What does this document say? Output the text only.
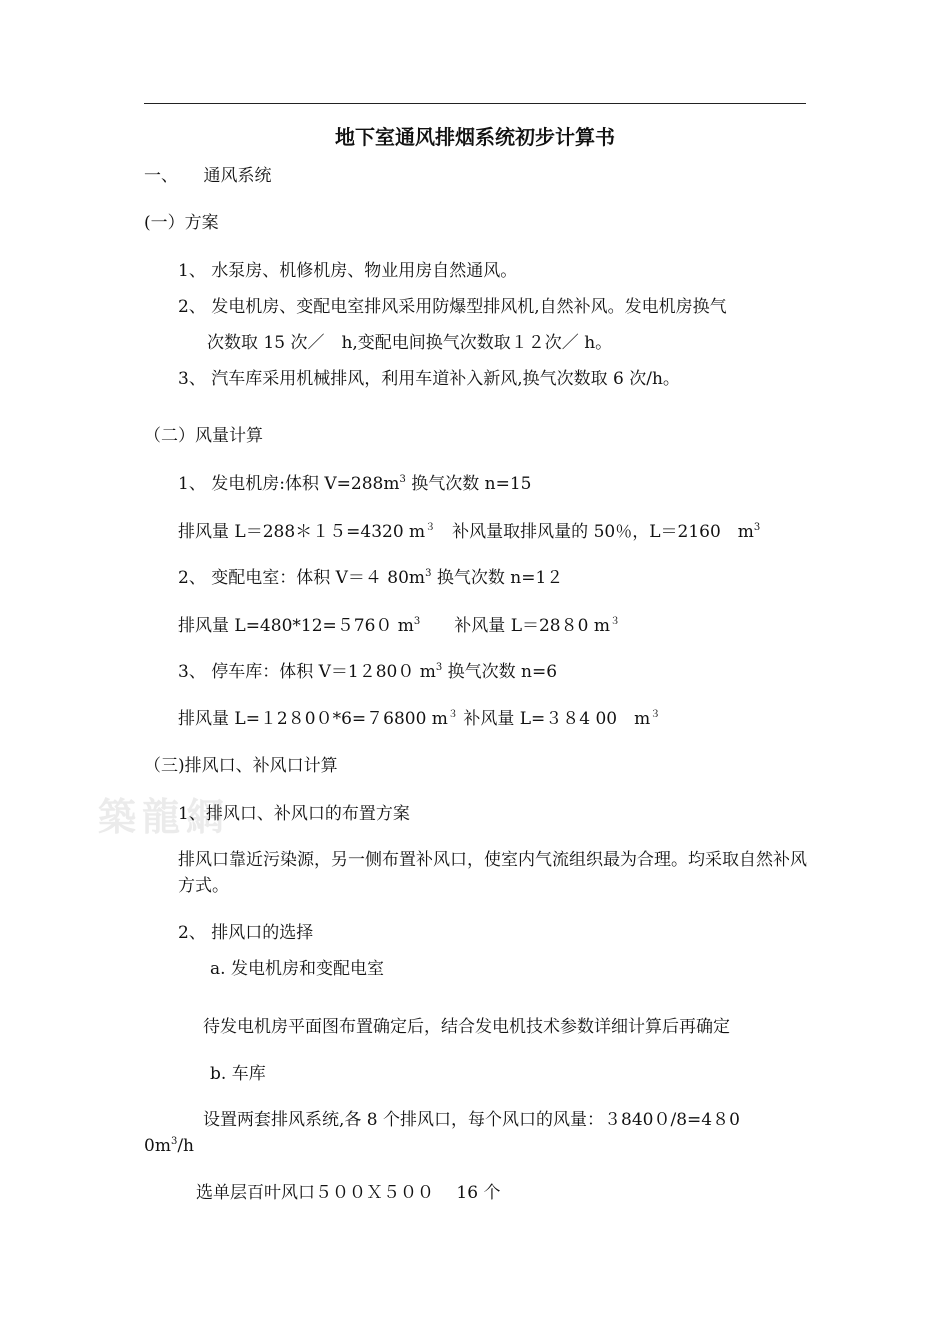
築龍網
地下室通风排烟系统初步计算书
一、　　通风系统
(一）方案
1、 水泵房、机修机房、物业用房自然通风。
2、 发电机房、变配电室排风采用防爆型排风机,自然补风。发电机房换气
次数取 15 次／　h,变配电间换气次数取１２次／ h。
3、 汽车库采用机械排风，利用车道补入新风,换气次数取 6 次/h。
（二）风量计算
1、 发电机房:体积 $V=288m^3$ 换气次数 n=15
排风量 L＝288＊１５=4320 $m^3$　补风量取排风量的 50％，L＝2160　$m^3$
2、 变配电室：体积 V＝４ $80m^3$ 换气次数 n=1２
排风量 L=480*12=５76０ $m^3$　　补风量 L＝28８0 $m^3$
3、 停车库：体积 V＝1２80０ $m^3$ 换气次数 n=6
排风量 L=１2８0０*6=７6800 $m^3$ 补风量 L=３８4 00　$m^3$
（三)排风口、补风口计算
1、排风口、补风口的布置方案
排风口靠近污染源，另一侧布置补风口，使室内气流组织最为合理。均采取自然补风方式。
2、 排风口的选择
a. 发电机房和变配电室
待发电机房平面图布置确定后，结合发电机技术参数详细计算后再确定
b. 车库
设置两套排风系统,各 8 个排风口，每个风口的风量：３840０/8=4８0
$0m^3/h$
选单层百叶风口５００Ｘ５００　 16 个
